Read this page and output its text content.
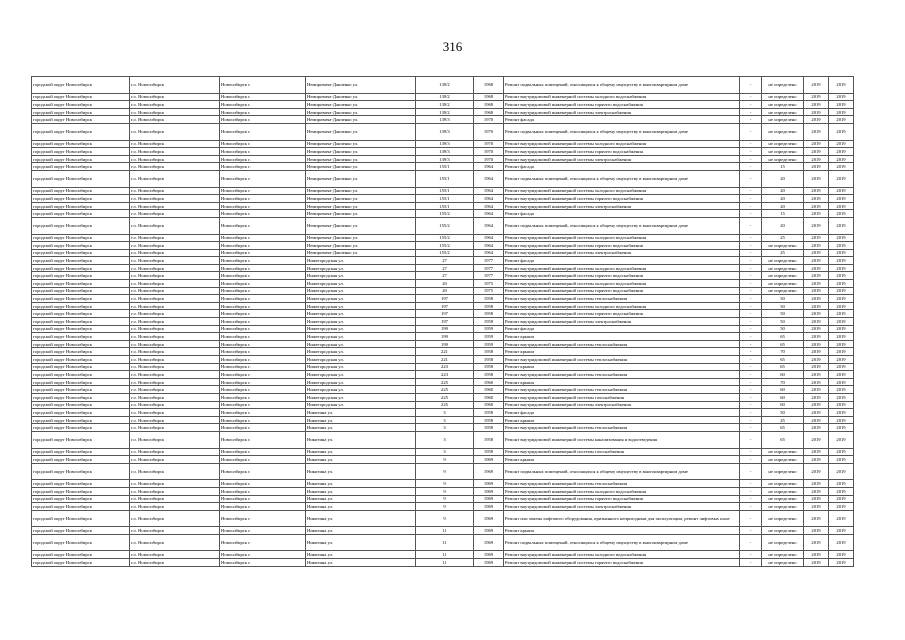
316
городской округ Новосибирск	г.о. Новосибирск	Новосибирск г.	Немировича-Данченко ул.	139/2	1968	Ремонт подвальных помещений, относящихся к общему имуществу в многоквартирном доме	-	не определено	2019	2019
городской округ Новосибирск	г.о. Новосибирск	Новосибирск г.	Немировича-Данченко ул.	139/2	1968	Ремонт внутридомовой инженерной системы холодного водоснабжения	-	не определено	2019	2019
городской округ Новосибирск	г.о. Новосибирск	Новосибирск г.	Немировича-Данченко ул.	139/2	1968	Ремонт внутридомовой инженерной системы горячего водоснабжения	-	не определено	2019	2019
городской округ Новосибирск	г.о. Новосибирск	Новосибирск г.	Немировича-Данченко ул.	139/2	1968	Ремонт внутридомовой инженерной системы электроснабжения	-	не определено	2019	2019
городской округ Новосибирск	г.о. Новосибирск	Новосибирск г.	Немировича-Данченко ул.	139/3	1970	Ремонт фасада	-	не определено	2019	2019
городской округ Новосибирск	г.о. Новосибирск	Новосибирск г.	Немировича-Данченко ул.	139/3	1970	Ремонт подвальных помещений, относящихся к общему имуществу в многоквартирном доме	-	не определено	2019	2019
городской округ Новосибирск	г.о. Новосибирск	Новосибирск г.	Немировича-Данченко ул.	139/3	1970	Ремонт внутридомовой инженерной системы холодного водоснабжения	-	не определено	2019	2019
городской округ Новосибирск	г.о. Новосибирск	Новосибирск г.	Немировича-Данченко ул.	139/3	1970	Ремонт внутридомовой инженерной системы горячего водоснабжения	-	не определено	2019	2019
городской округ Новосибирск	г.о. Новосибирск	Новосибирск г.	Немировича-Данченко ул.	139/3	1970	Ремонт внутридомовой инженерной системы электроснабжения	-	не определено	2019	2019
городской округ Новосибирск	г.о. Новосибирск	Новосибирск г.	Немировича-Данченко ул.	155/1	1964	Ремонт фасада	-	15	2019	2019
городской округ Новосибирск	г.о. Новосибирск	Новосибирск г.	Немировича-Данченко ул.	155/1	1964	Ремонт подвальных помещений, относящихся к общему имуществу в многоквартирном доме	-	20	2019	2019
городской округ Новосибирск	г.о. Новосибирск	Новосибирск г.	Немировича-Данченко ул.	155/1	1964	Ремонт внутридомовой инженерной системы холодного водоснабжения	-	20	2019	2019
городской округ Новосибирск	г.о. Новосибирск	Новосибирск г.	Немировича-Данченко ул.	155/1	1964	Ремонт внутридомовой инженерной системы горячего водоснабжения	-	20	2019	2019
городской округ Новосибирск	г.о. Новосибирск	Новосибирск г.	Немировича-Данченко ул.	155/1	1964	Ремонт внутридомовой инженерной системы электроснабжения	-	20	2019	2019
городской округ Новосибирск	г.о. Новосибирск	Новосибирск г.	Немировича-Данченко ул.	155/2	1964	Ремонт фасада	-	15	2019	2019
городской округ Новосибирск	г.о. Новосибирск	Новосибирск г.	Немировича-Данченко ул.	155/2	1964	Ремонт подвальных помещений, относящихся к общему имуществу в многоквартирном доме	-	20	2019	2019
городской округ Новосибирск	г.о. Новосибирск	Новосибирск г.	Немировича-Данченко ул.	155/2	1964	Ремонт внутридомовой инженерной системы холодного водоснабжения	-	25	2019	2019
городской округ Новосибирск	г.о. Новосибирск	Новосибирск г.	Немировича-Данченко ул.	155/2	1964	Ремонт внутридомовой инженерной системы горячего водоснабжения	-	не определено	2019	2019
городской округ Новосибирск	г.о. Новосибирск	Новосибирск г.	Немировича-Данченко ул.	155/2	1964	Ремонт внутридомовой инженерной системы электроснабжения	-	25	2019	2019
городской округ Новосибирск	г.о. Новосибирск	Новосибирск г.	Нижегородская ул.	27	1977	Ремонт фасада	-	не определено	2019	2019
городской округ Новосибирск	г.о. Новосибирск	Новосибирск г.	Нижегородская ул.	27	1977	Ремонт внутридомовой инженерной системы холодного водоснабжения	-	не определено	2019	2019
городской округ Новосибирск	г.о. Новосибирск	Новосибирск г.	Нижегородская ул.	27	1977	Ремонт внутридомовой инженерной системы горячего водоснабжения	-	не определено	2019	2019
городской округ Новосибирск	г.о. Новосибирск	Новосибирск г.	Нижегородская ул.	20	1975	Ремонт внутридомовой инженерной системы холодного водоснабжения	-	не определено	2019	2019
городской округ Новосибирск	г.о. Новосибирск	Новосибирск г.	Нижегородская ул.	20	1975	Ремонт внутридомовой инженерной системы горячего водоснабжения	-	не определено	2019	2019
городской округ Новосибирск	г.о. Новосибирск	Новосибирск г.	Нижегородская ул.	197	1958	Ремонт внутридомовой инженерной системы теплоснабжения	-	50	2019	2019
городской округ Новосибирск	г.о. Новосибирск	Новосибирск г.	Нижегородская ул.	197	1958	Ремонт внутридомовой инженерной системы холодного водоснабжения	-	50	2019	2019
городской округ Новосибирск	г.о. Новосибирск	Новосибирск г.	Нижегородская ул.	197	1958	Ремонт внутридомовой инженерной системы горячего водоснабжения	-	50	2019	2019
городской округ Новосибирск	г.о. Новосибирск	Новосибирск г.	Нижегородская ул.	197	1958	Ремонт внутридомовой инженерной системы электроснабжения	-	50	2019	2019
городской округ Новосибирск	г.о. Новосибирск	Новосибирск г.	Нижегородская ул.	199	1959	Ремонт фасада	-	50	2019	2019
городской округ Новосибирск	г.о. Новосибирск	Новосибирск г.	Нижегородская ул.	199	1959	Ремонт крыши	-	65	2019	2019
городской округ Новосибирск	г.о. Новосибирск	Новосибирск г.	Нижегородская ул.	199	1959	Ремонт внутридомовой инженерной системы теплоснабжения	-	65	2019	2019
городской округ Новосибирск	г.о. Новосибирск	Новосибирск г.	Нижегородская ул.	221	1958	Ремонт крыши	-	70	2019	2019
городской округ Новосибирск	г.о. Новосибирск	Новосибирск г.	Нижегородская ул.	221	1958	Ремонт внутридомовой инженерной системы теплоснабжения	-	65	2019	2019
городской округ Новосибирск	г.о. Новосибирск	Новосибирск г.	Нижегородская ул.	223	1958	Ремонт крыши	-	65	2019	2019
городской округ Новосибирск	г.о. Новосибирск	Новосибирск г.	Нижегородская ул.	223	1958	Ремонт внутридомовой инженерной системы теплоснабжения	-	60	2019	2019
городской округ Новосибирск	г.о. Новосибирск	Новосибирск г.	Нижегородская ул.	225	1960	Ремонт крыши	-	70	2019	2019
городской округ Новосибирск	г.о. Новосибирск	Новосибирск г.	Нижегородская ул.	225	1960	Ремонт внутридомовой инженерной системы теплоснабжения	-	60	2019	2019
городской округ Новосибирск	г.о. Новосибирск	Новосибирск г.	Нижегородская ул.	225	1960	Ремонт внутридомовой инженерной системы газоснабжения	-	60	2019	2019
городской округ Новосибирск	г.о. Новосибирск	Новосибирск г.	Нижегородская ул.	225	1960	Ремонт внутридомовой инженерной системы электроснабжения	-	60	2019	2019
городской округ Новосибирск	г.о. Новосибирск	Новосибирск г.	Никитина ул.	3	1958	Ремонт фасада	-	50	2019	2019
городской округ Новосибирск	г.о. Новосибирск	Новосибирск г.	Никитина ул.	3	1958	Ремонт крыши	-	25	2019	2019
городской округ Новосибирск	г.о. Новосибирск	Новосибирск г.	Никитина ул.	3	1958	Ремонт внутридомовой инженерной системы теплоснабжения	-	65	2019	2019
городской округ Новосибирск	г.о. Новосибирск	Новосибирск г.	Никитина ул.	3	1958	Ремонт внутридомовой инженерной системы канализования и водоотведения	-	65	2019	2019
городской округ Новосибирск	г.о. Новосибирск	Новосибирск г.	Никитина ул.	3	1958	Ремонт внутридомовой инженерной системы газоснабжения	-	не определено	2019	2019
городской округ Новосибирск	г.о. Новосибирск	Новосибирск г.	Никитина ул.	9	1969	Ремонт крыши	-	не определено	2019	2019
городской округ Новосибирск	г.о. Новосибирск	Новосибирск г.	Никитина ул.	9	1969	Ремонт подвальных помещений, относящихся к общему имуществу в многоквартирном доме	-	не определено	2019	2019
городской округ Новосибирск	г.о. Новосибирск	Новосибирск г.	Никитина ул.	9	1969	Ремонт внутридомовой инженерной системы теплоснабжения	-	не определено	2019	2019
городской округ Новосибирск	г.о. Новосибирск	Новосибирск г.	Никитина ул.	9	1969	Ремонт внутридомовой инженерной системы холодного водоснабжения	-	не определено	2019	2019
городской округ Новосибирск	г.о. Новосибирск	Новосибирск г.	Никитина ул.	9	1969	Ремонт внутридомовой инженерной системы горячего водоснабжения	-	не определено	2019	2019
городской округ Новосибирск	г.о. Новосибирск	Новосибирск г.	Никитина ул.	9	1969	Ремонт внутридомовой инженерной системы электроснабжения	-	не определено	2019	2019
городской округ Новосибирск	г.о. Новосибирск	Новосибирск г.	Никитина ул.	9	1969	Ремонт или замена лифтового оборудования, признанного непригодным для эксплуатации, ремонт лифтовых шахт	-	не определено	2019	2019
городской округ Новосибирск	г.о. Новосибирск	Новосибирск г.	Никитина ул.	11	1969	Ремонт крыши	-	не определено	2019	2019
городской округ Новосибирск	г.о. Новосибирск	Новосибирск г.	Никитина ул.	11	1969	Ремонт подвальных помещений, относящихся к общему имуществу в многоквартирном доме	-	не определено	2019	2019
городской округ Новосибирск	г.о. Новосибирск	Новосибирск г.	Никитина ул.	11	1969	Ремонт внутридомовой инженерной системы холодного водоснабжения	-	не определено	2019	2019
городской округ Новосибирск	г.о. Новосибирск	Новосибирск г.	Никитина ул.	11	1969	Ремонт внутридомовой инженерной системы горячего водоснабжения	-	не определено	2019	2019
